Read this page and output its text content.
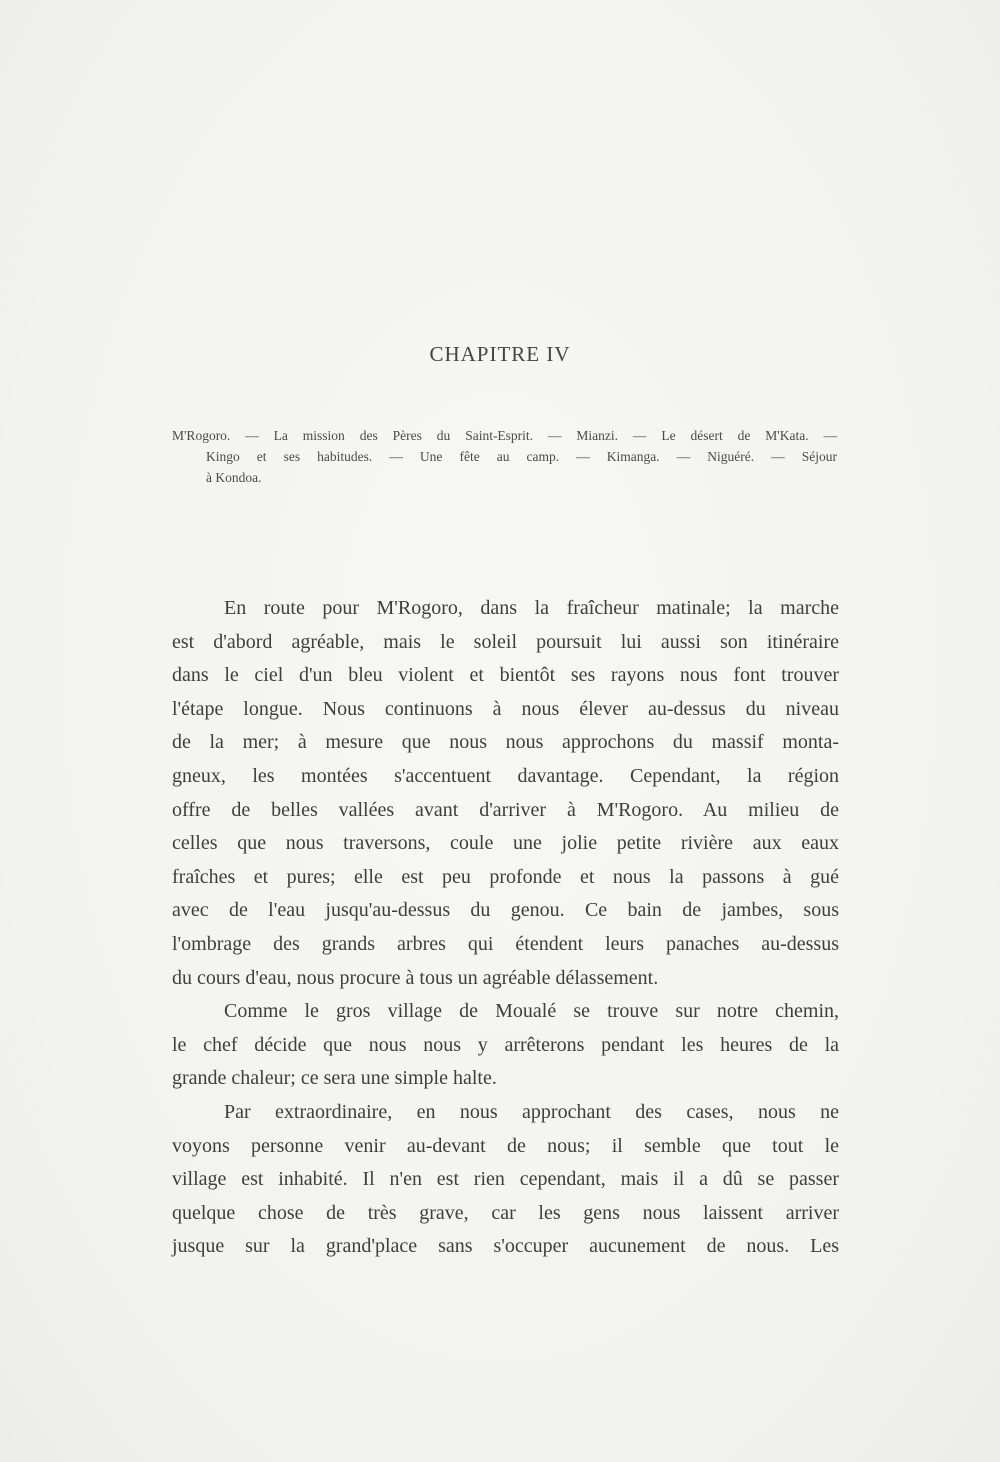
CHAPITRE IV
M'Rogoro. — La mission des Pères du Saint-Esprit. — Mianzi. — Le désert de M'Kata. —
Kingo et ses habitudes. — Une fête au camp. — Kimanga. — Niguéré. — Séjour
à Kondoa.
En route pour M'Rogoro, dans la fraîcheur matinale; la marche
est d'abord agréable, mais le soleil poursuit lui aussi son itinéraire
dans le ciel d'un bleu violent et bientôt ses rayons nous font trouver
l'étape longue. Nous continuons à nous élever au-dessus du niveau
de la mer; à mesure que nous nous approchons du massif monta-
gneux, les montées s'accentuent davantage. Cependant, la région
offre de belles vallées avant d'arriver à M'Rogoro. Au milieu de
celles que nous traversons, coule une jolie petite rivière aux eaux
fraîches et pures; elle est peu profonde et nous la passons à gué
avec de l'eau jusqu'au-dessus du genou. Ce bain de jambes, sous
l'ombrage des grands arbres qui étendent leurs panaches au-dessus
du cours d'eau, nous procure à tous un agréable délassement.
Comme le gros village de Moualé se trouve sur notre chemin,
le chef décide que nous nous y arrêterons pendant les heures de la
grande chaleur; ce sera une simple halte.
Par extraordinaire, en nous approchant des cases, nous ne
voyons personne venir au-devant de nous; il semble que tout le
village est inhabité. Il n'en est rien cependant, mais il a dû se passer
quelque chose de très grave, car les gens nous laissent arriver
jusque sur la grand'place sans s'occuper aucunement de nous. Les
